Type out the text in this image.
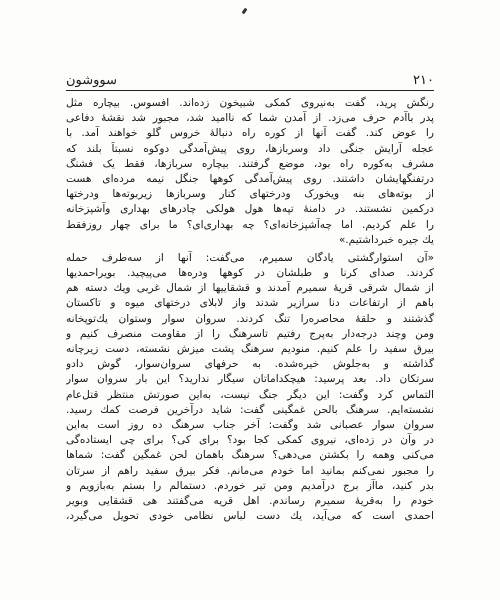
۲۱۰
سووشون
رنگش پرید، گفت به‌نیروی کمکی شبیخون زده‌اند. افسوس. بیچاره مثل
پدر باآدم حرف می‌زد. از آمدن شما که ناامید شد، مجبور شد نقشهٔ دفاعی
را عوض کند. گفت آنها از کوره راه دنبالهٔ خروس گلو خواهند آمد. با
عجله آرایش جنگی داد وسربازها، روی پیش‌آمدگی دوکوه نسبتاً بلند که
مشرف به‌کوره راه بود، موضع گرفتند. بیچاره سربازها، فقط یک فشنگ
درتفنگهایشان داشتند. روی پیش‌آمدگی کوهها جنگل نیمه مرده‌ای هست
از بوته‌های بنه ویخورک ودرختهای کنار وسربازها زیربوته‌ها ودرختها
درکمین نشستند. در دامنهٔ تپه‌ها هول هولکی چادرهای بهداری وآشپزخانه
را علم کردیم. اما چه‌آشپزخانه‌ای؟ چه بهداری‌ای؟ ما برای چهار روزفقط
یك جیره خبرداشتیم.»
«آن استوارگشتی یادگان سمیرم، می‌گفت: آنها از سه‌طرف حمله
کردند. صدای کرنا و طبلشان در کوهها ودره‌ها می‌پیچید. بویراحمدیها
از شمال شرقی قریهٔ سمیرم آمدند و قشقاییها از شمال غربی ویك دسته هم
باهم از ارتفاعات دنا سرازیر شدند واز لابلای درختهای میوه و تاکستان
گذشتند و حلقهٔ محاصره‌را تنگ کردند. سروان سوار وستوان یك‌توپخانه
ومن وچند درجه‌دار به‌پرج رفتیم تاسرهنگ را از مقاومت منصرف کنیم و
بیرق سفید را علم کنیم. منودیم سرهنگ پشت میزش نشسته، دست زیرچانه
گذاشته و به‌جلوش خیره‌شده. به حرفهای سروان‌سوار، گوش دادو
سرتکان داد. بعد پرسید: هیچکداماتان سیگار ندارید؟ این بار سروان سوار
التماس کرد وگفت: این دیگر جنگ نیست، به‌این صورتش منتظر قتل‌عام
نشسته‌ایم. سرهنگ بالحن غمگینی گفت: شاید درآخرین فرصت کمك رسید.
سروان سوار عصبانی شد وگفت: آخر جناب سرهنگ ده روز است به‌این
در وآن در زده‌ای، نیروی کمکی کجا بود؟ برای کی؟ برای چی ایستاده‌گی
می‌کنی وهمه را بکشتن می‌دهی؟ سرهنگ باهمان لحن غمگین گفت: شماها
را مجبور نمی‌کنم بمانید اما خودم می‌مانم. فکر بیرق سفید راهم از سرتان
بدر کنید، ماآز برج درآمدیم ومن تیر خوردم. دستمالم را بستم به‌بازویم و
خودم را به‌قریهٔ سمیرم رساندم. اهل قریه می‌گفتند هی قشقایی وبویر
احمدی است که می‌آید، یك دست لباس نظامی خودی تحویل می‌گیرد،
